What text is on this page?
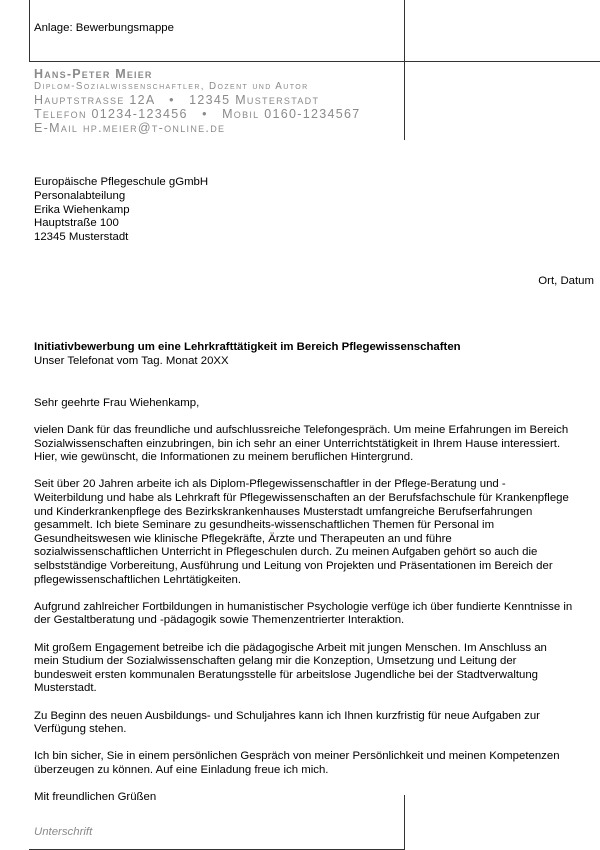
Anlage: Bewerbungsmappe
Hans-Peter Meier
Diplom-Sozialwissenschaftler, Dozent und Autor
Hauptstrasse 12A   •   12345 Musterstadt
Telefon 01234-123456   •   Mobil 0160-1234567
E-Mail hp.meier@t-online.de
Europäische Pflegeschule gGmbH
Personalabteilung
Erika Wiehenkamp
Hauptstraße 100
12345 Musterstadt
Ort, Datum
Initiativbewerbung um eine Lehrkrafttätigkeit im Bereich Pflegewissenschaften
Unser Telefonat vom Tag. Monat 20XX

Sehr geehrte Frau Wiehenkamp,

vielen Dank für das freundliche und aufschlussreiche Telefongespräch. Um meine Erfahrungen im Bereich Sozialwissenschaften einzubringen, bin ich sehr an einer Unterrichtstätigkeit in Ihrem Hause interessiert. Hier, wie gewünscht, die Informationen zu meinem beruflichen Hintergrund.

Seit über 20 Jahren arbeite ich als Diplom-Pflegewissenschaftler in der Pflege-Beratung und -Weiterbildung und habe als Lehrkraft für Pflegewissenschaften an der Berufsfachschule für Krankenpflege und Kinderkrankenpflege des Bezirkskrankenhauses Musterstadt umfangreiche Berufserfahrungen gesammelt. Ich biete Seminare zu gesundheits-wissenschaftlichen Themen für Personal im Gesundheitswesen wie klinische Pflegekräfte, Ärzte und Therapeuten an und führe sozialwissenschaftlichen Unterricht in Pflegeschulen durch. Zu meinen Aufgaben gehört so auch die selbstständige Vorbereitung, Ausführung und Leitung von Projekten und Präsentationen im Bereich der pflegewissenschaftlichen Lehrtätigkeiten.

Aufgrund zahlreicher Fortbildungen in humanistischer Psychologie verfüge ich über fundierte Kenntnisse in der Gestaltberatung und -pädagogik sowie Themenzentrierter Interaktion.

Mit großem Engagement betreibe ich die pädagogische Arbeit mit jungen Menschen. Im Anschluss an mein Studium der Sozialwissenschaften gelang mir die Konzeption, Umsetzung und Leitung der bundesweit ersten kommunalen Beratungsstelle für arbeitslose Jugendliche bei der Stadtverwaltung Musterstadt.

Zu Beginn des neuen Ausbildungs- und Schuljahres kann ich Ihnen kurzfristig für neue Aufgaben zur Verfügung stehen.

Ich bin sicher, Sie in einem persönlichen Gespräch von meiner Persönlichkeit und meinen Kompetenzen überzeugen zu können. Auf eine Einladung freue ich mich.

Mit freundlichen Grüßen

Unterschrift
